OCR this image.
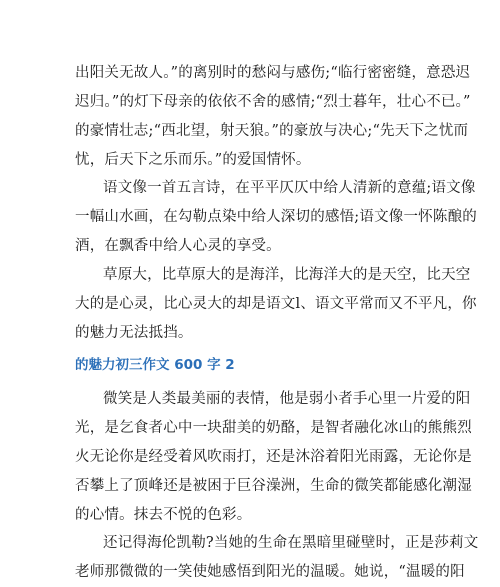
出阳关无故人。”的离别时的愁闷与感伤;“临行密密缝，意恐迟
迟归。”的灯下母亲的依依不舍的感情;“烈士暮年，壮心不已。”
的豪情壮志;“西北望，射天狼。”的豪放与决心;“先天下之忧而
忧，后天下之乐而乐。”的爱国情怀。
语文像一首五言诗，在平平仄仄中给人清新的意蕴;语文像
一幅山水画，在勾勒点染中给人深切的感悟;语文像一怀陈酿的
酒，在飘香中给人心灵的享受。
草原大，比草原大的是海洋，比海洋大的是天空，比天空
大的是心灵，比心灵大的却是语文l、语文平常而又不平凡，你
的魅力无法抵挡。
的魅力初三作文 600 字 2
微笑是人类最美丽的表情，他是弱小者手心里一片爱的阳
光，是乞食者心中一块甜美的奶酪，是智者融化冰山的熊熊烈
火无论你是经受着风吹雨打，还是沐浴着阳光雨露，无论你是
否攀上了顶峰还是被困于巨谷澡洲，生命的微笑都能感化潮湿
的心情。抹去不悦的色彩。
还记得海伦凯勒?当她的生命在黑暗里碰壁时，正是莎莉文
老师那微微的一笑使她感悟到阳光的温暖。她说，“温暖的阳
